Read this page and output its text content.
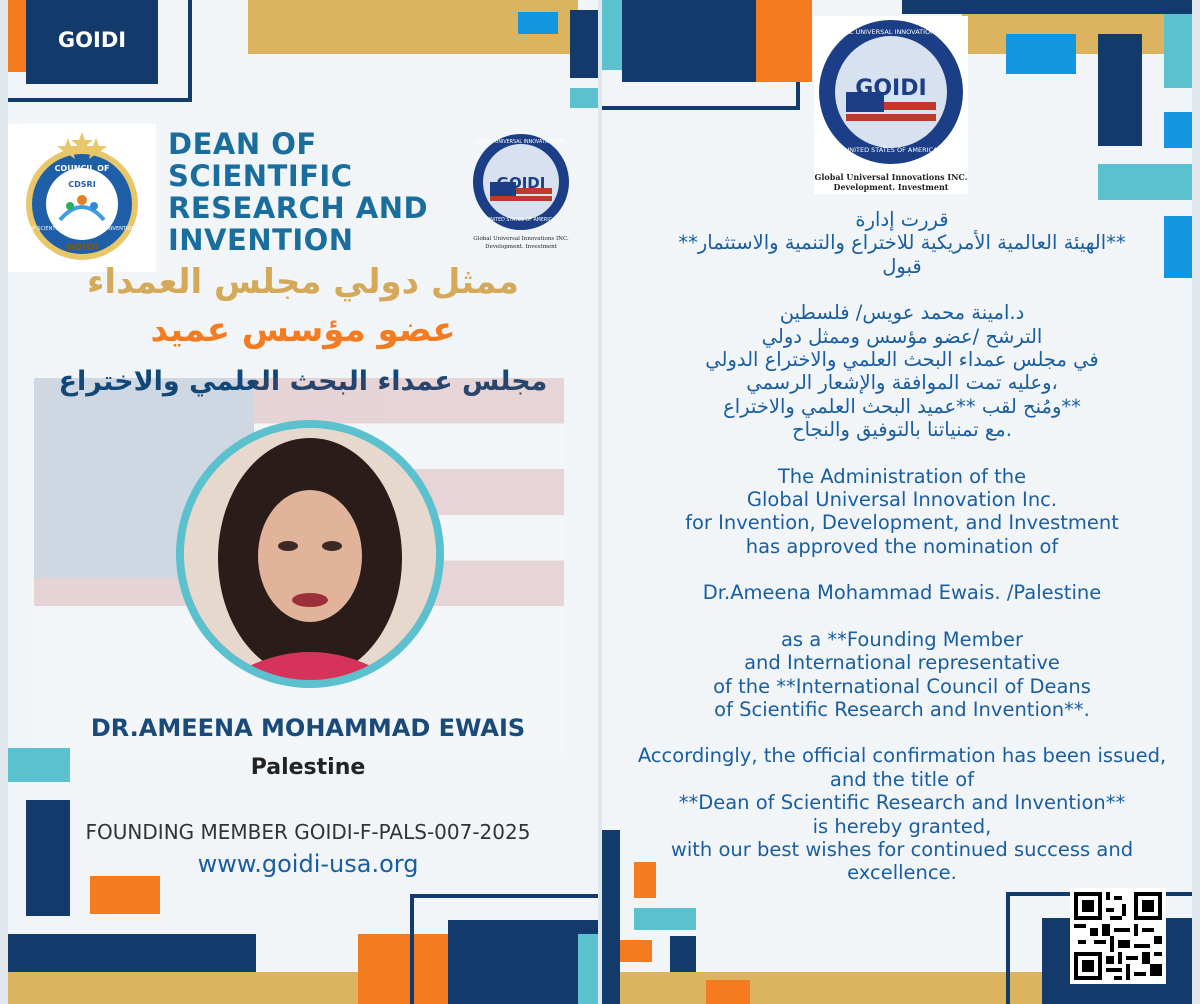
GOIDI
COUNCIL OF DEANS
CDSRI
OF SCIENTIFIC RESEARCH AND INVENTION
GOIDI
DEAN OF
SCIENTIFIC
RESEARCH AND
INVENTION
GLOBAL UNIVERSAL INNOVATIONS INC.
GOIDI
UNITED STATES OF AMERICA
Global Universal Innovations INC.
Development. Investment
ممثل دولي مجلس العمداء
عضو مؤسس عميد
مجلس عمداء البحث العلمي والاختراع
DR.AMEENA MOHAMMAD EWAIS
Palestine
FOUNDING MEMBER GOIDI-F-PALS-007-2025
www.goidi-usa.org
GLOBAL UNIVERSAL INNOVATIONS INC.
GOIDI
UNITED STATES OF AMERICA
Global Universal Innovations INC.
Development. Investment
قررت إدارة
**الهيئة العالمية الأمريكية للاختراع والتنمية والاستثمار**
قبول
د.امينة محمد عويس/ فلسطين
الترشح /عضو مؤسس وممثل دولي
في مجلس عمداء البحث العلمي والاختراع الدولي
،وعليه تمت الموافقة والإشعار الرسمي
**ومُنح لقب **عميد البحث العلمي والاختراع
.مع تمنياتنا بالتوفيق والنجاح
The Administration of the
Global Universal Innovation Inc.
for Invention, Development, and Investment
has approved the nomination of
Dr.Ameena Mohammad Ewais. /Palestine
as a **Founding Member
and International representative
of the **International Council of Deans
of Scientific Research and Invention**.
Accordingly, the official confirmation has been issued,
and the title of
**Dean of Scientific Research and Invention**
is hereby granted,
with our best wishes for continued success and
excellence.
